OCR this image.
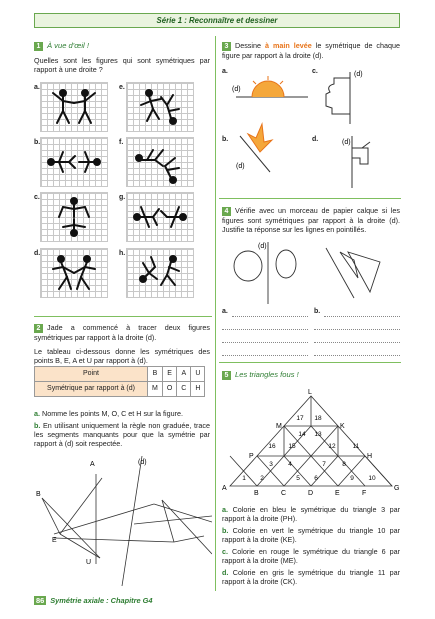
Série 1 : Reconnaître et dessiner
1 À vue d'œil !
Quelles sont les figures qui sont symétriques par rapport à une droite ?
a.
b.
c.
d.
e.
f.
g.
h.
2 Jade a commencé à tracer deux figures symétriques par rapport à la droite (d).
Le tableau ci-dessous donne les symétriques des points B, E, A et U par rapport à (d).
Point	B	E	A	U
Symétrique par rapport à (d)	M	O	C	H
a. Nomme les points M, O, C et H sur la figure.
b. En utilisant uniquement la règle non graduée, trace les segments manquants pour que la symétrie par rapport à (d) soit respectée.
A
B
E
U
(d)
3 Dessine à main levée le symétrique de chaque figure par rapport à la droite (d).
a.	c.
b.	d.
(d)
(d)
(d)
(d)
4 Vérifie avec un morceau de papier calque si les figures sont symétriques par rapport à la droite (d). Justifie ta réponse sur les lignes en pointillés.
(d)
a.	b.
5 Les triangles fous !
1 2
3 4
5 6
7	8
9 10
11
12
13
14
15
16
17 18
L
M	K
P	H
A
B	C	D	E	F
G
a. Colorie en bleu le symétrique du triangle 3 par rapport à la droite (PH).
b. Colorie en vert le symétrique du triangle 10 par rapport à la droite (KE).
c. Colorie en rouge le symétrique du triangle 6 par rapport à la droite (ME).
d. Colorie en gris le symétrique du triangle 11 par rapport à la droite (CK).
86 Symétrie axiale : Chapitre G4
